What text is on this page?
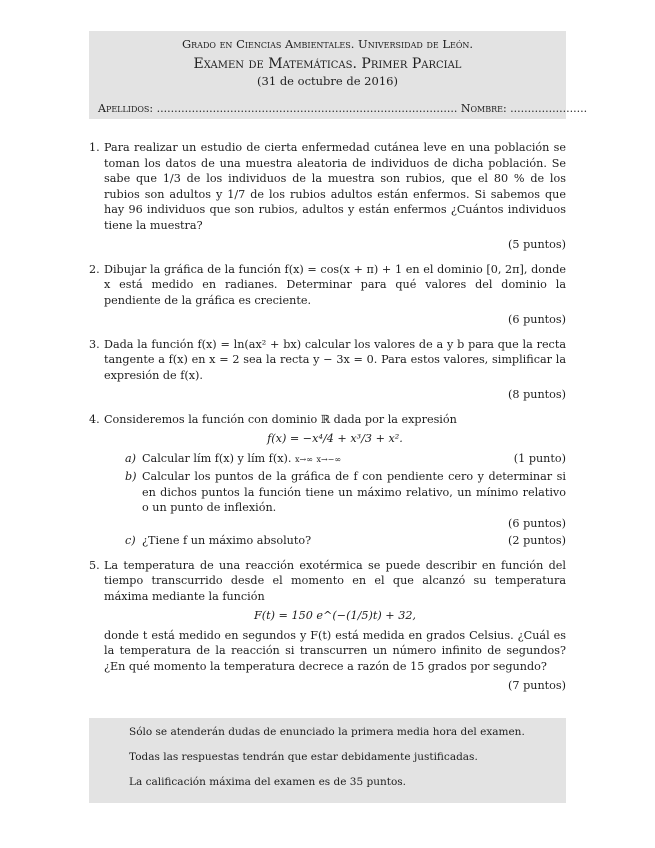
Grado en Ciencias Ambientales. Universidad de León.
Examen de Matemáticas. Primer Parcial
(31 de octubre de 2016)
Apellidos: ...................................................................................... Nombre: ......................
1. Para realizar un estudio de cierta enfermedad cutánea leve en una población se toman los datos de una muestra aleatoria de individuos de dicha población. Se sabe que 1/3 de los individuos de la muestra son rubios, que el 80 % de los rubios son adultos y 1/7 de los rubios adultos están enfermos. Si sabemos que hay 96 individuos que son rubios, adultos y están enfermos ¿Cuántos individuos tiene la muestra?
(5 puntos)
2. Dibujar la gráfica de la función f(x) = cos(x + π) + 1 en el dominio [0, 2π], donde x está medido en radianes. Determinar para qué valores del dominio la pendiente de la gráfica es creciente.
(6 puntos)
3. Dada la función f(x) = ln(ax² + bx) calcular los valores de a y b para que la recta tangente a f(x) en x = 2 sea la recta y − 3x = 0. Para estos valores, simplificar la expresión de f(x).
(8 puntos)
4. Consideremos la función con dominio ℝ dada por la expresión
f(x) = −x⁴/4 + x³/3 + x².
a)	(1 punto)
Calcular lím f(x) y lím f(x). x→∞ x→−∞
b) Calcular los puntos de la gráfica de f con pendiente cero y determinar si en dichos puntos la función tiene un máximo relativo, un mínimo relativo o un punto de inflexión.
(6 puntos)
c)	(2 puntos)
¿Tiene f un máximo absoluto?
5. La temperatura de una reacción exotérmica se puede describir en función del tiempo transcurrido desde el momento en el que alcanzó su temperatura máxima mediante la función
F(t) = 150 e^(−(1/5)t) + 32,
donde t está medido en segundos y F(t) está medida en grados Celsius. ¿Cuál es la temperatura de la reacción si transcurren un número infinito de segundos?¿En qué momento la temperatura decrece a razón de 15 grados por segundo?
(7 puntos)
Sólo se atenderán dudas de enunciado la primera media hora del examen.
Todas las respuestas tendrán que estar debidamente justificadas.
La calificación máxima del examen es de 35 puntos.
